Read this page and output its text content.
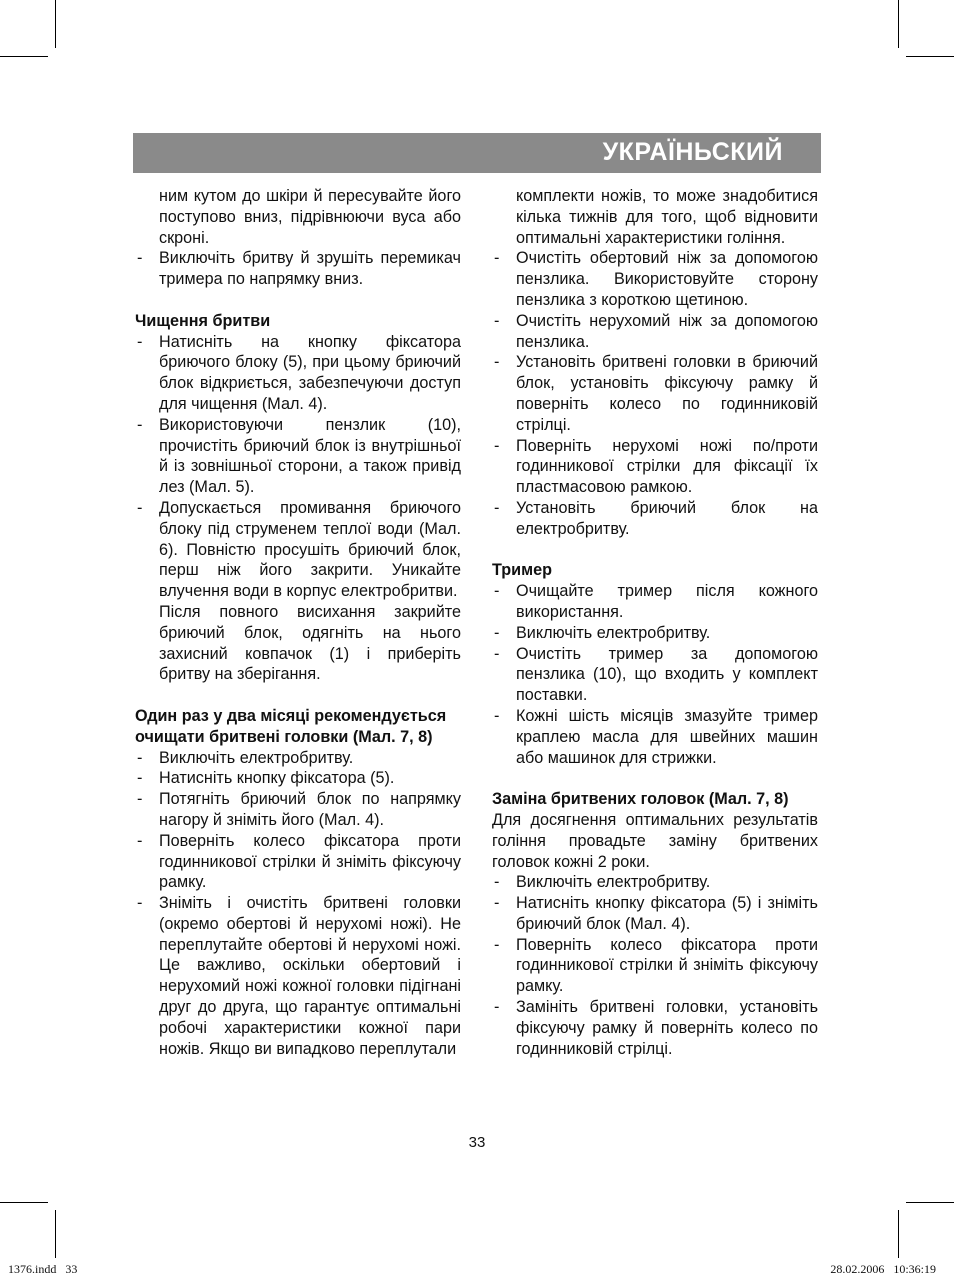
УКРАЇНЬСКИЙ

ним кутом до шкіри й пересувайте його поступово вниз, підрівнюючи вуса або скроні.

- Виключіть бритву й зрушіть перемикач тримера по напрямку вниз.

Чищення бритви

- Натисніть на кнопку фіксатора бриючого блоку (5), при цьому бриючий блок відкриється, забезпечуючи доступ для чищення (Мал. 4).

- Використовуючи пензлик (10), прочистіть бриючий блок із внутрішньої й із зовнішньої сторони, а також привід лез (Мал. 5).

- Допускається промивання бриючого блоку під струменем теплої води (Мал. 6). Повністю просушіть бриючий блок, перш ніж його закрити. Уникайте влучення води в корпус електробритви.

Після повного висихання закрийте бриючий блок, одягніть на нього захисний ковпачок (1) і приберіть бритву на зберігання.

Один раз у два місяці рекомендується очищати бритвені головки (Мал. 7, 8)

- Виключіть електробритву.

- Натисніть кнопку фіксатора (5).

- Потягніть бриючий блок по напрямку нагору й зніміть його (Мал. 4).

- Поверніть колесо фіксатора проти годинникової стрілки й зніміть фіксуючу рамку.

- Зніміть і очистіть бритвені головки (окремо обертові й нерухомі ножі). Не переплутайте обертові й нерухомі ножі. Це важливо, оскільки обертовий і нерухомий ножі кожної головки підігнані друг до друга, що гарантує оптимальні робочі характеристики кожної пари ножів. Якщо ви випадково переплутали

комплекти ножів, то може знадобитися кілька тижнів для того, щоб відновити оптимальні характеристики гоління.

- Очистіть обертовий ніж за допомогою пензлика. Використовуйте сторону пензлика з короткою щетиною.

- Очистіть нерухомий ніж за допомогою пензлика.

- Установіть бритвені головки в бриючий блок, установіть фіксуючу рамку й поверніть колесо по годинниковій стрілці.

- Поверніть нерухомі ножі по/проти годинникової стрілки для фіксації їх пластмасовою рамкою.

- Установіть бриючий блок на електробритву.

Тример

- Очищайте тример після кожного використання.

- Виключіть електробритву.

- Очистіть тример за допомогою пензлика (10), що входить у комплект поставки.

- Кожні шість місяців змазуйте тример краплею масла для швейних машин або машинок для стрижки.

Заміна бритвених головок (Мал. 7, 8)

Для досягнення оптимальних результатів гоління провадьте заміну бритвених головок кожні 2 роки.

- Виключіть електробритву.

- Натисніть кнопку фіксатора (5) і зніміть бриючий блок (Мал. 4).

- Поверніть колесо фіксатора проти годинникової стрілки й зніміть фіксуючу рамку.

- Замініть бритвені головки, установіть фіксуючу рамку й поверніть колесо по годинниковій стрілці.

33
1376.indd   33	28.02.2006   10:36:19
